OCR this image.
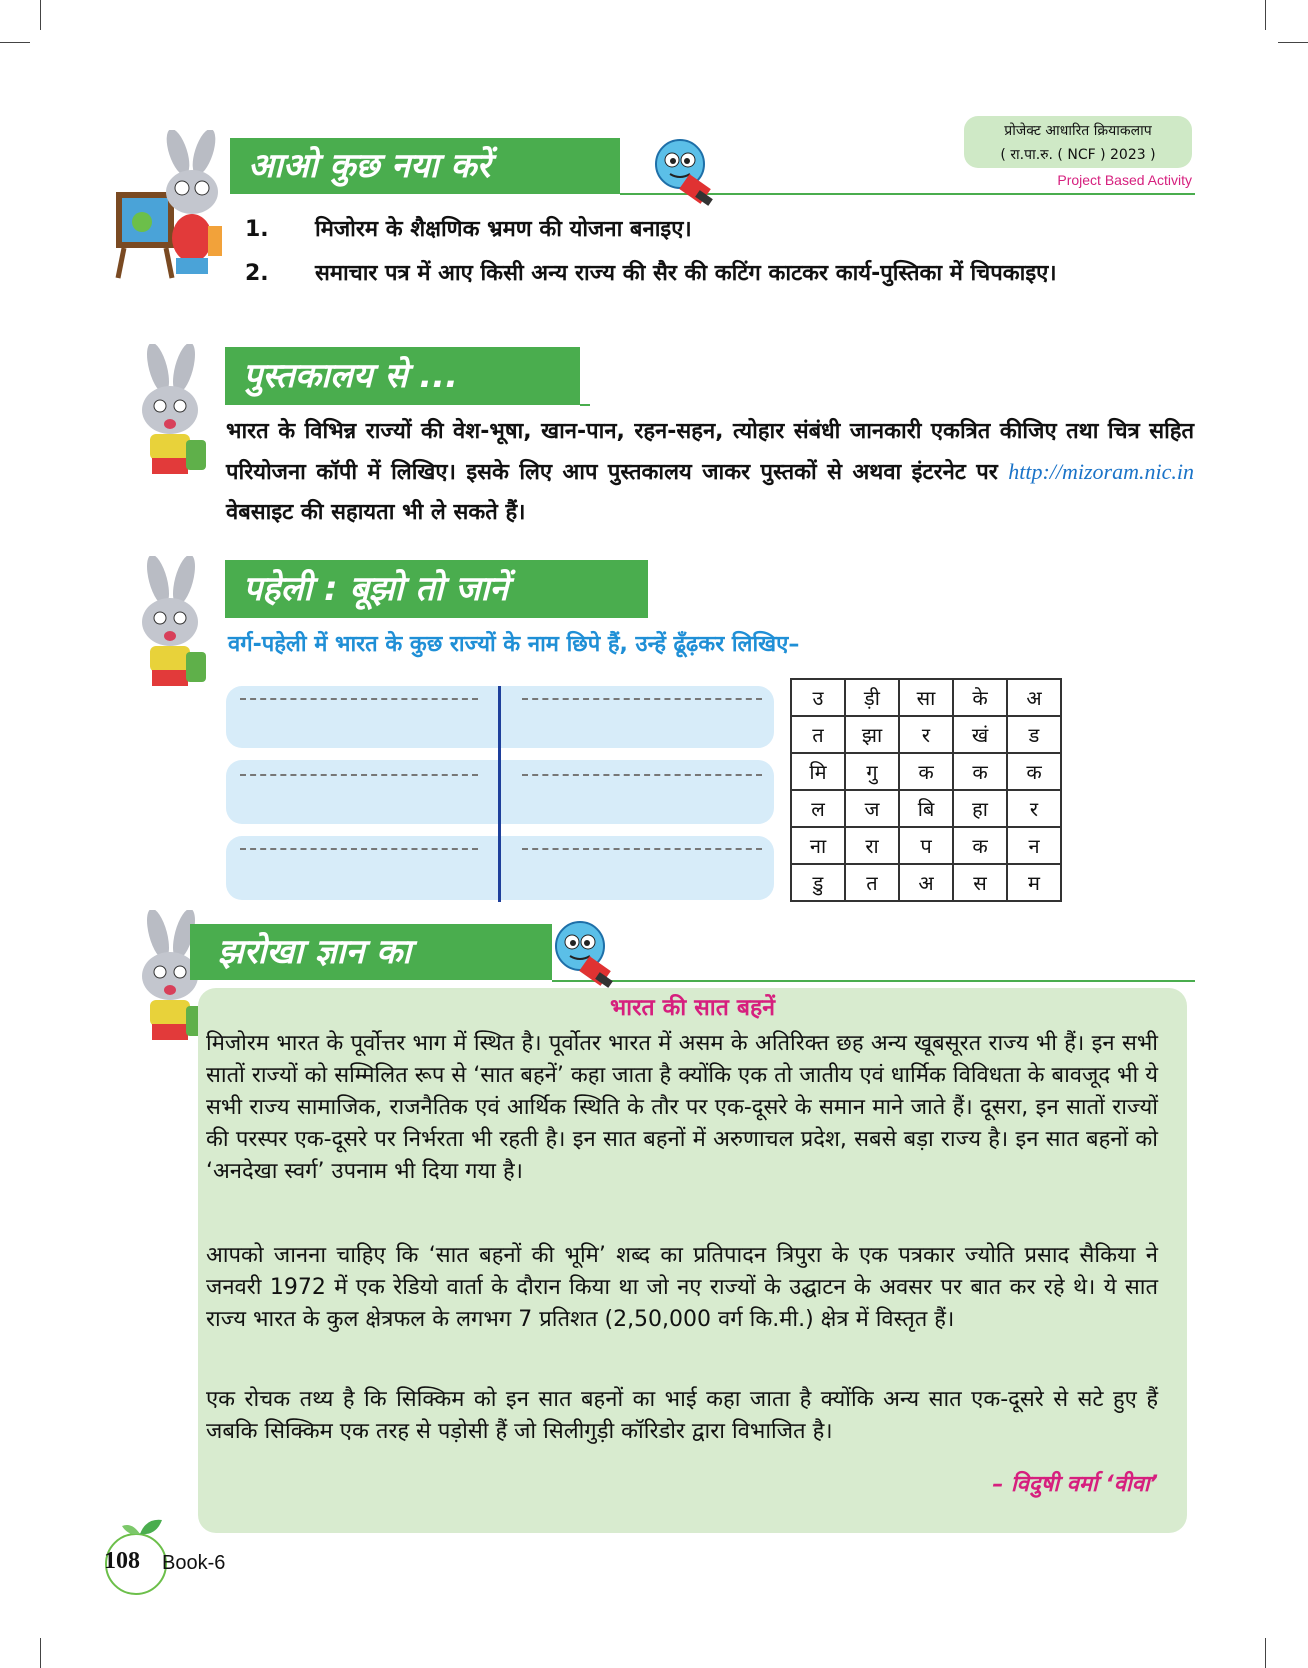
प्रोजेक्ट आधारित क्रियाकलाप
( रा.पा.रु. ( NCF ) 2023 )
Project Based Activity
आओ कुछ नया करें
1.	मिजोरम के शैक्षणिक भ्रमण की योजना बनाइए।
2.	समाचार पत्र में आए किसी अन्य राज्य की सैर की कटिंग काटकर कार्य-पुस्तिका में चिपकाइए।
पुस्तकालय से ...
भारत के विभिन्न राज्यों की वेश-भूषा, खान-पान, रहन-सहन, त्योहार संबंधी जानकारी एकत्रित कीजिए तथा चित्र सहित परियोजना कॉपी में लिखिए। इसके लिए आप पुस्तकालय जाकर पुस्तकों से अथवा इंटरनेट पर http://mizoram.nic.in वेबसाइट की सहायता भी ले सकते हैं।
पहेली : बूझो तो जानें
वर्ग-पहेली में भारत के कुछ राज्यों के नाम छिपे हैं, उन्हें ढूँढ़कर लिखिए–
उ	ड़ी	सा	के	अ
त	झा	र	खं	ड
मि	गु	क	क	क
ल	ज	बि	हा	र
ना	रा	प	क	न
डु	त	अ	स	म
झरोखा ज्ञान का
भारत की सात बहनें
मिजोरम भारत के पूर्वोत्तर भाग में स्थित है। पूर्वोतर भारत में असम के अतिरिक्त छह अन्य खूबसूरत राज्य भी हैं। इन सभी सातों राज्यों को सम्मिलित रूप से ‘सात बहनें’ कहा जाता है क्योंकि एक तो जातीय एवं धार्मिक विविधता के बावजूद भी ये सभी राज्य सामाजिक, राजनैतिक एवं आर्थिक स्थिति के तौर पर एक-दूसरे के समान माने जाते हैं। दूसरा, इन सातों राज्यों की परस्पर एक-दूसरे पर निर्भरता भी रहती है। इन सात बहनों में अरुणाचल प्रदेश, सबसे बड़ा राज्य है। इन सात बहनों को ‘अनदेखा स्वर्ग’ उपनाम भी दिया गया है।
आपको जानना चाहिए कि ‘सात बहनों की भूमि’ शब्द का प्रतिपादन त्रिपुरा के एक पत्रकार ज्योति प्रसाद सैकिया ने जनवरी 1972 में एक रेडियो वार्ता के दौरान किया था जो नए राज्यों के उद्घाटन के अवसर पर बात कर रहे थे। ये सात राज्य भारत के कुल क्षेत्रफल के लगभग 7 प्रतिशत (2,50,000 वर्ग कि.मी.) क्षेत्र में विस्तृत हैं।
एक रोचक तथ्य है कि सिक्किम को इन सात बहनों का भाई कहा जाता है क्योंकि अन्य सात एक-दूसरे से सटे हुए हैं जबकि सिक्किम एक तरह से पड़ोसी हैं जो सिलीगुड़ी कॉरिडोर द्वारा विभाजित है।
– विदुषी वर्मा ‘वीवा’
108 Book-6
